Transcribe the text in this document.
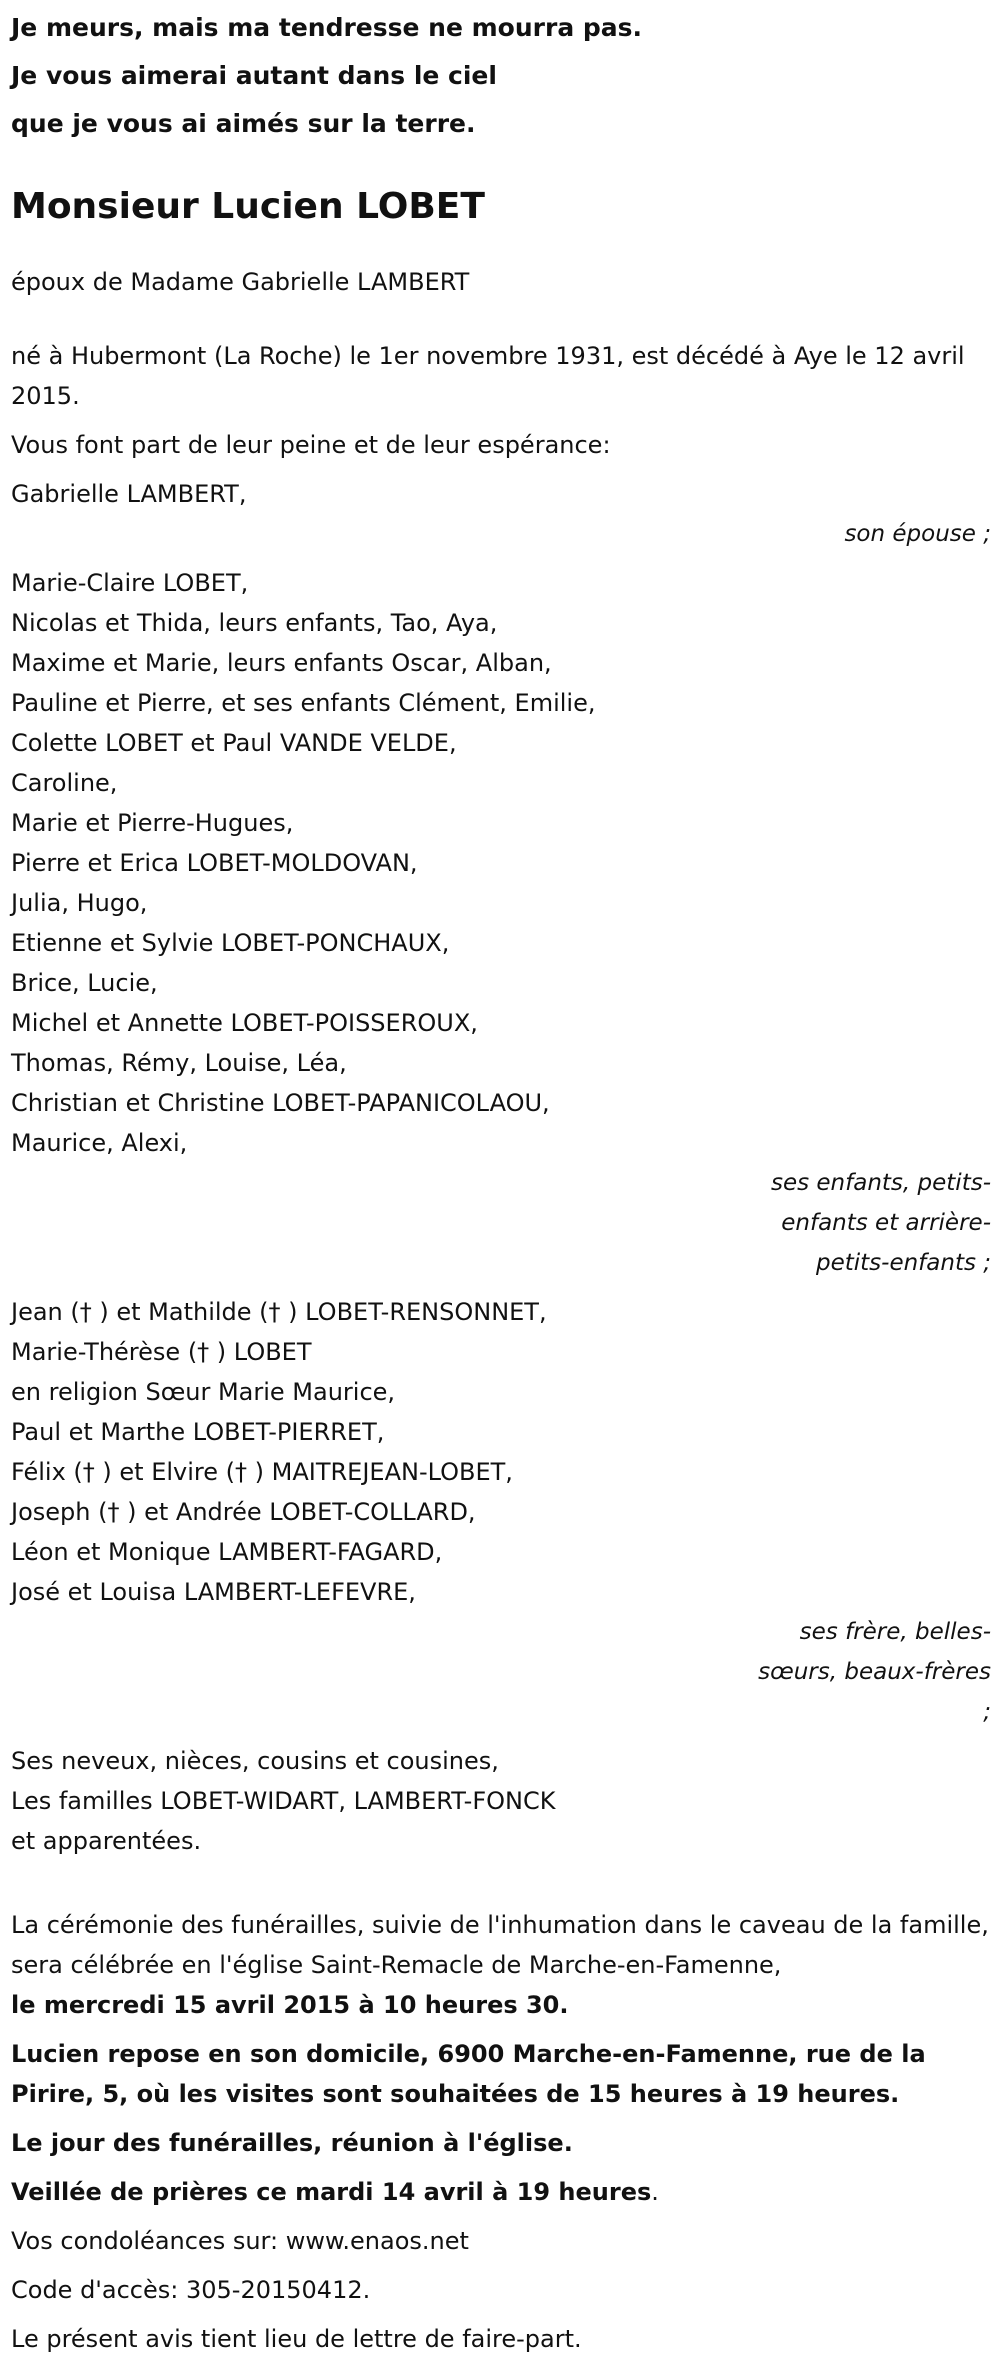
Je meurs, mais ma tendresse ne mourra pas.
Je vous aimerai autant dans le ciel
que je vous ai aimés sur la terre.
Monsieur Lucien LOBET
époux de Madame Gabrielle LAMBERT
né à Hubermont (La Roche) le 1er novembre 1931, est décédé à Aye le 12 avril 2015.
Vous font part de leur peine et de leur espérance:
Gabrielle LAMBERT,
son épouse ;
Marie-Claire LOBET,
Nicolas et Thida, leurs enfants, Tao, Aya,
Maxime et Marie, leurs enfants Oscar, Alban,
Pauline et Pierre, et ses enfants Clément, Emilie,
Colette LOBET et Paul VANDE VELDE,
Caroline,
Marie et Pierre-Hugues,
Pierre et Erica LOBET-MOLDOVAN,
Julia, Hugo,
Etienne et Sylvie LOBET-PONCHAUX,
Brice, Lucie,
Michel et Annette LOBET-POISSEROUX,
Thomas, Rémy, Louise, Léa,
Christian et Christine LOBET-PAPANICOLAOU,
Maurice, Alexi,
ses enfants, petits-enfants et arrière-petits-enfants ;
Jean († ) et Mathilde († ) LOBET-RENSONNET,
Marie-Thérèse († ) LOBET
en religion Sœur Marie Maurice,
Paul et Marthe LOBET-PIERRET,
Félix († ) et Elvire († ) MAITREJEAN-LOBET,
Joseph († ) et Andrée LOBET-COLLARD,
Léon et Monique LAMBERT-FAGARD,
José et Louisa LAMBERT-LEFEVRE,
ses frère, belles-sœurs, beaux-frères ;
Ses neveux, nièces, cousins et cousines,
Les familles LOBET-WIDART, LAMBERT-FONCK
et apparentées.
La cérémonie des funérailles, suivie de l'inhumation dans le caveau de la famille, sera célébrée en l'église Saint-Remacle de Marche-en-Famenne,
le mercredi 15 avril 2015 à 10 heures 30.
Lucien repose en son domicile, 6900 Marche-en-Famenne, rue de la Pirire, 5, où les visites sont souhaitées de 15 heures à 19 heures.
Le jour des funérailles, réunion à l'église.
Veillée de prières ce mardi 14 avril à 19 heures.
Vos condoléances sur: www.enaos.net
Code d'accès: 305-20150412.
Le présent avis tient lieu de lettre de faire-part.
